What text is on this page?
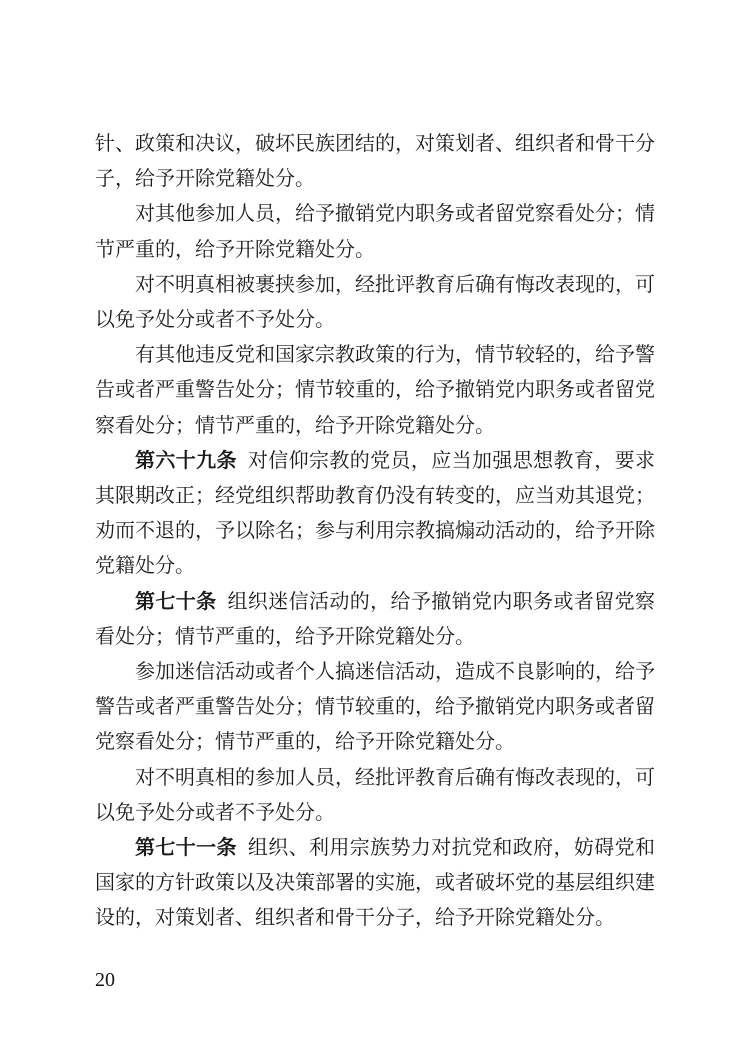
针、政策和决议，破坏民族团结的，对策划者、组织者和骨干分子，给予开除党籍处分。

对其他参加人员，给予撤销党内职务或者留党察看处分；情节严重的，给予开除党籍处分。

对不明真相被裹挟参加，经批评教育后确有悔改表现的，可以免予处分或者不予处分。

有其他违反党和国家宗教政策的行为，情节较轻的，给予警告或者严重警告处分；情节较重的，给予撤销党内职务或者留党察看处分；情节严重的，给予开除党籍处分。

第六十九条 对信仰宗教的党员，应当加强思想教育，要求其限期改正；经党组织帮助教育仍没有转变的，应当劝其退党；劝而不退的，予以除名；参与利用宗教搞煽动活动的，给予开除党籍处分。

第七十条 组织迷信活动的，给予撤销党内职务或者留党察看处分；情节严重的，给予开除党籍处分。

参加迷信活动或者个人搞迷信活动，造成不良影响的，给予警告或者严重警告处分；情节较重的，给予撤销党内职务或者留党察看处分；情节严重的，给予开除党籍处分。

对不明真相的参加人员，经批评教育后确有悔改表现的，可以免予处分或者不予处分。

第七十一条 组织、利用宗族势力对抗党和政府，妨碍党和国家的方针政策以及决策部署的实施，或者破坏党的基层组织建设的，对策划者、组织者和骨干分子，给予开除党籍处分。

20
